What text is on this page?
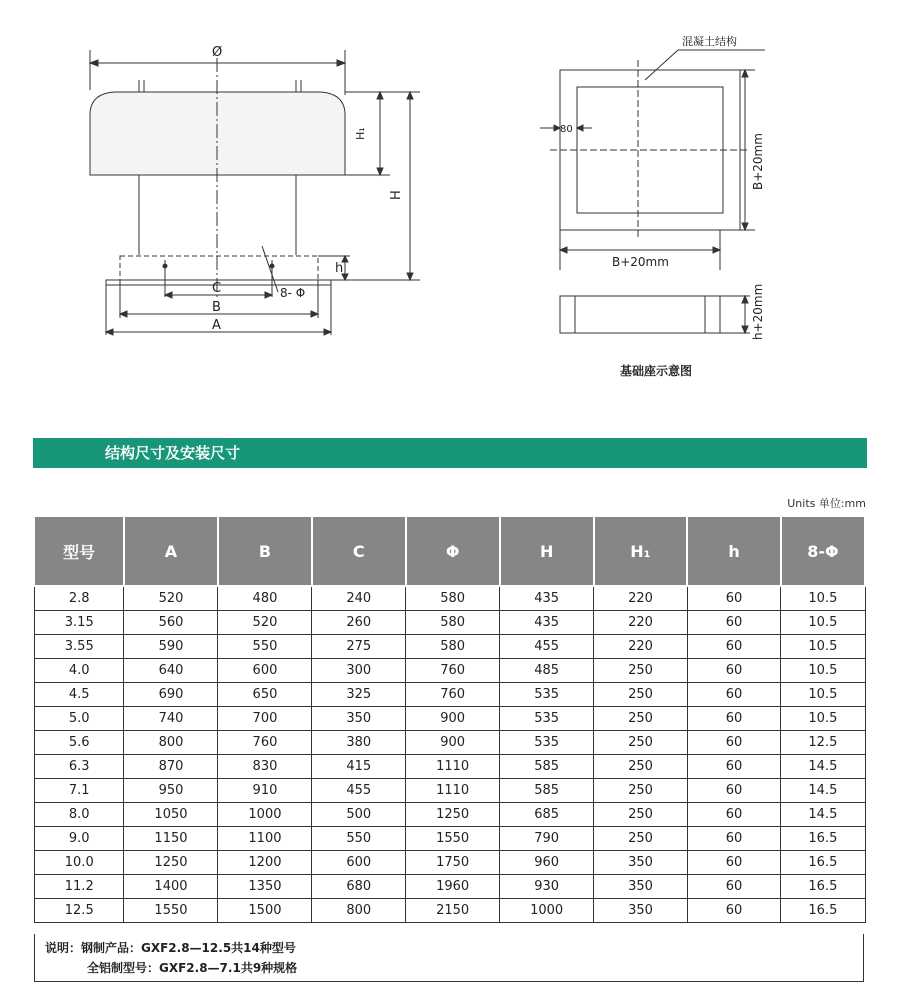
Ø
H₁
H
h
C
B
A
8- Φ
混凝土结构
80
B+20mm
B+20mm
h+20mm
基础座示意图
结构尺寸及安装尺寸
Units 单位:mm
型号	A	B	C	Φ	H	H₁	h	8-Φ
2.8	520	480	240	580	435	220	60	10.5
3.15	560	520	260	580	435	220	60	10.5
3.55	590	550	275	580	455	220	60	10.5
4.0	640	600	300	760	485	250	60	10.5
4.5	690	650	325	760	535	250	60	10.5
5.0	740	700	350	900	535	250	60	10.5
5.6	800	760	380	900	535	250	60	12.5
6.3	870	830	415	1110	585	250	60	14.5
7.1	950	910	455	1110	585	250	60	14.5
8.0	1050	1000	500	1250	685	250	60	14.5
9.0	1150	1100	550	1550	790	250	60	16.5
10.0	1250	1200	600	1750	960	350	60	16.5
11.2	1400	1350	680	1960	930	350	60	16.5
12.5	1550	1500	800	2150	1000	350	60	16.5
说明：钢制产品：GXF2.8—12.5共14种型号
全铝制型号：GXF2.8—7.1共9种规格
